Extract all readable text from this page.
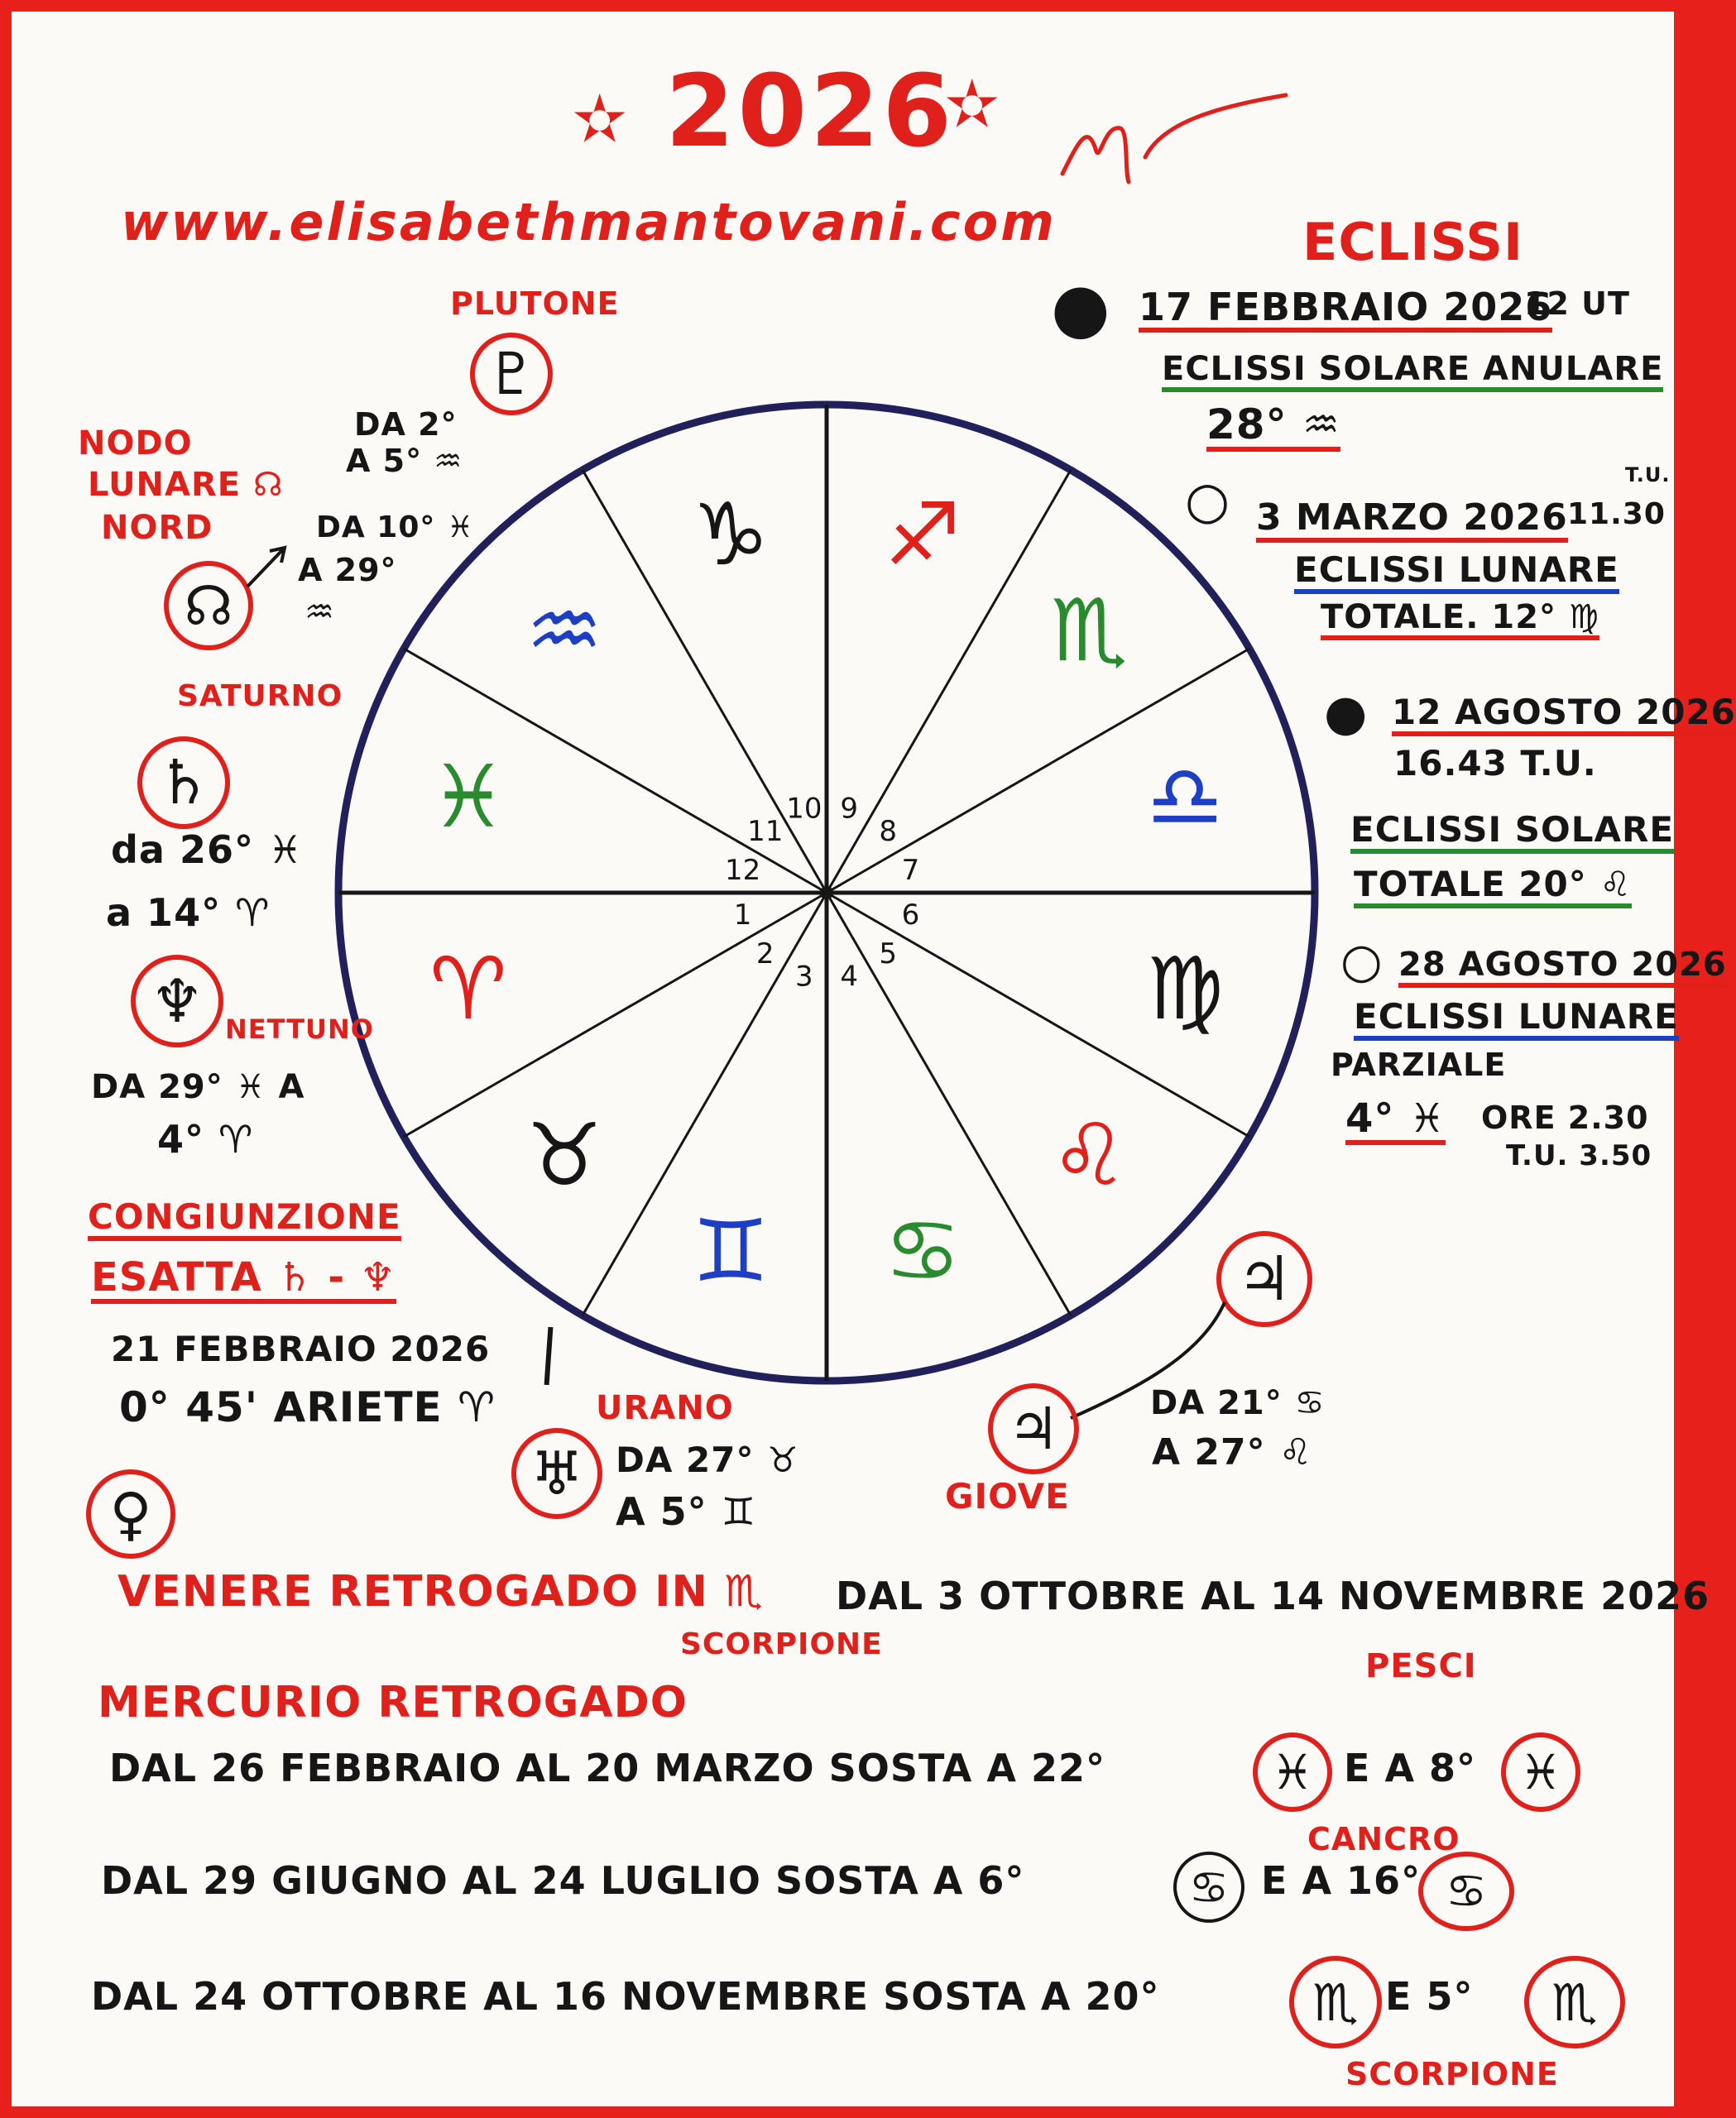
✫ 2026
✫
www.elisabethmantovani.com
♑ ♐
♏
♎
♍
♌
♋
♊
♉
♈
♓
♒
10 9
8
7
6
5
4
3
2
1
12
11
PLUTONE
♇
DA 2°
A 5° ♒
NODO
LUNARE ☊
NORD
☊
DA 10° ♓
A 29°
♒
SATURNO
♄
da 26° ♓
a 14° ♈
♆ NETTUNO
DA 29° ♓ A
4° ♈
CONGIUNZIONE
ESATTA ♄ - ♆
21 FEBBRAIO 2026
0° 45' ARIETE ♈
♀
URANO
♅ DA 27° ♉
A 5° ♊
♃
♃
GIOVE
DA 21° ♋
A 27° ♌
ECLISSI
● 17 FEBBRAIO 2026
12 UT
ECLISSI SOLARE ANULARE
28° ♒
○	T.U.
3 MARZO 2026 11.30
ECLISSI LUNARE
TOTALE. 12° ♍
● 12 AGOSTO 2026
16.43 T.U.
ECLISSI SOLARE
TOTALE 20° ♌
○ 28 AGOSTO 2026
ECLISSI LUNARE
PARZIALE
4° ♓ ORE 2.30
T.U. 3.50
VENERE RETROGADO IN ♏
SCORPIONE
DAL 3 OTTOBRE AL 14 NOVEMBRE 2026
MERCURIO RETROGADO
PESCI
DAL 26 FEBBRAIO AL 20 MARZO SOSTA A 22°	♓ E A 8° ♓
CANCRO
DAL 29 GIUGNO AL 24 LUGLIO SOSTA A 6°	♋ E A 16° ♋
DAL 24 OTTOBRE AL 16 NOVEMBRE SOSTA A 20°	♏ E 5° ♏
SCORPIONE
